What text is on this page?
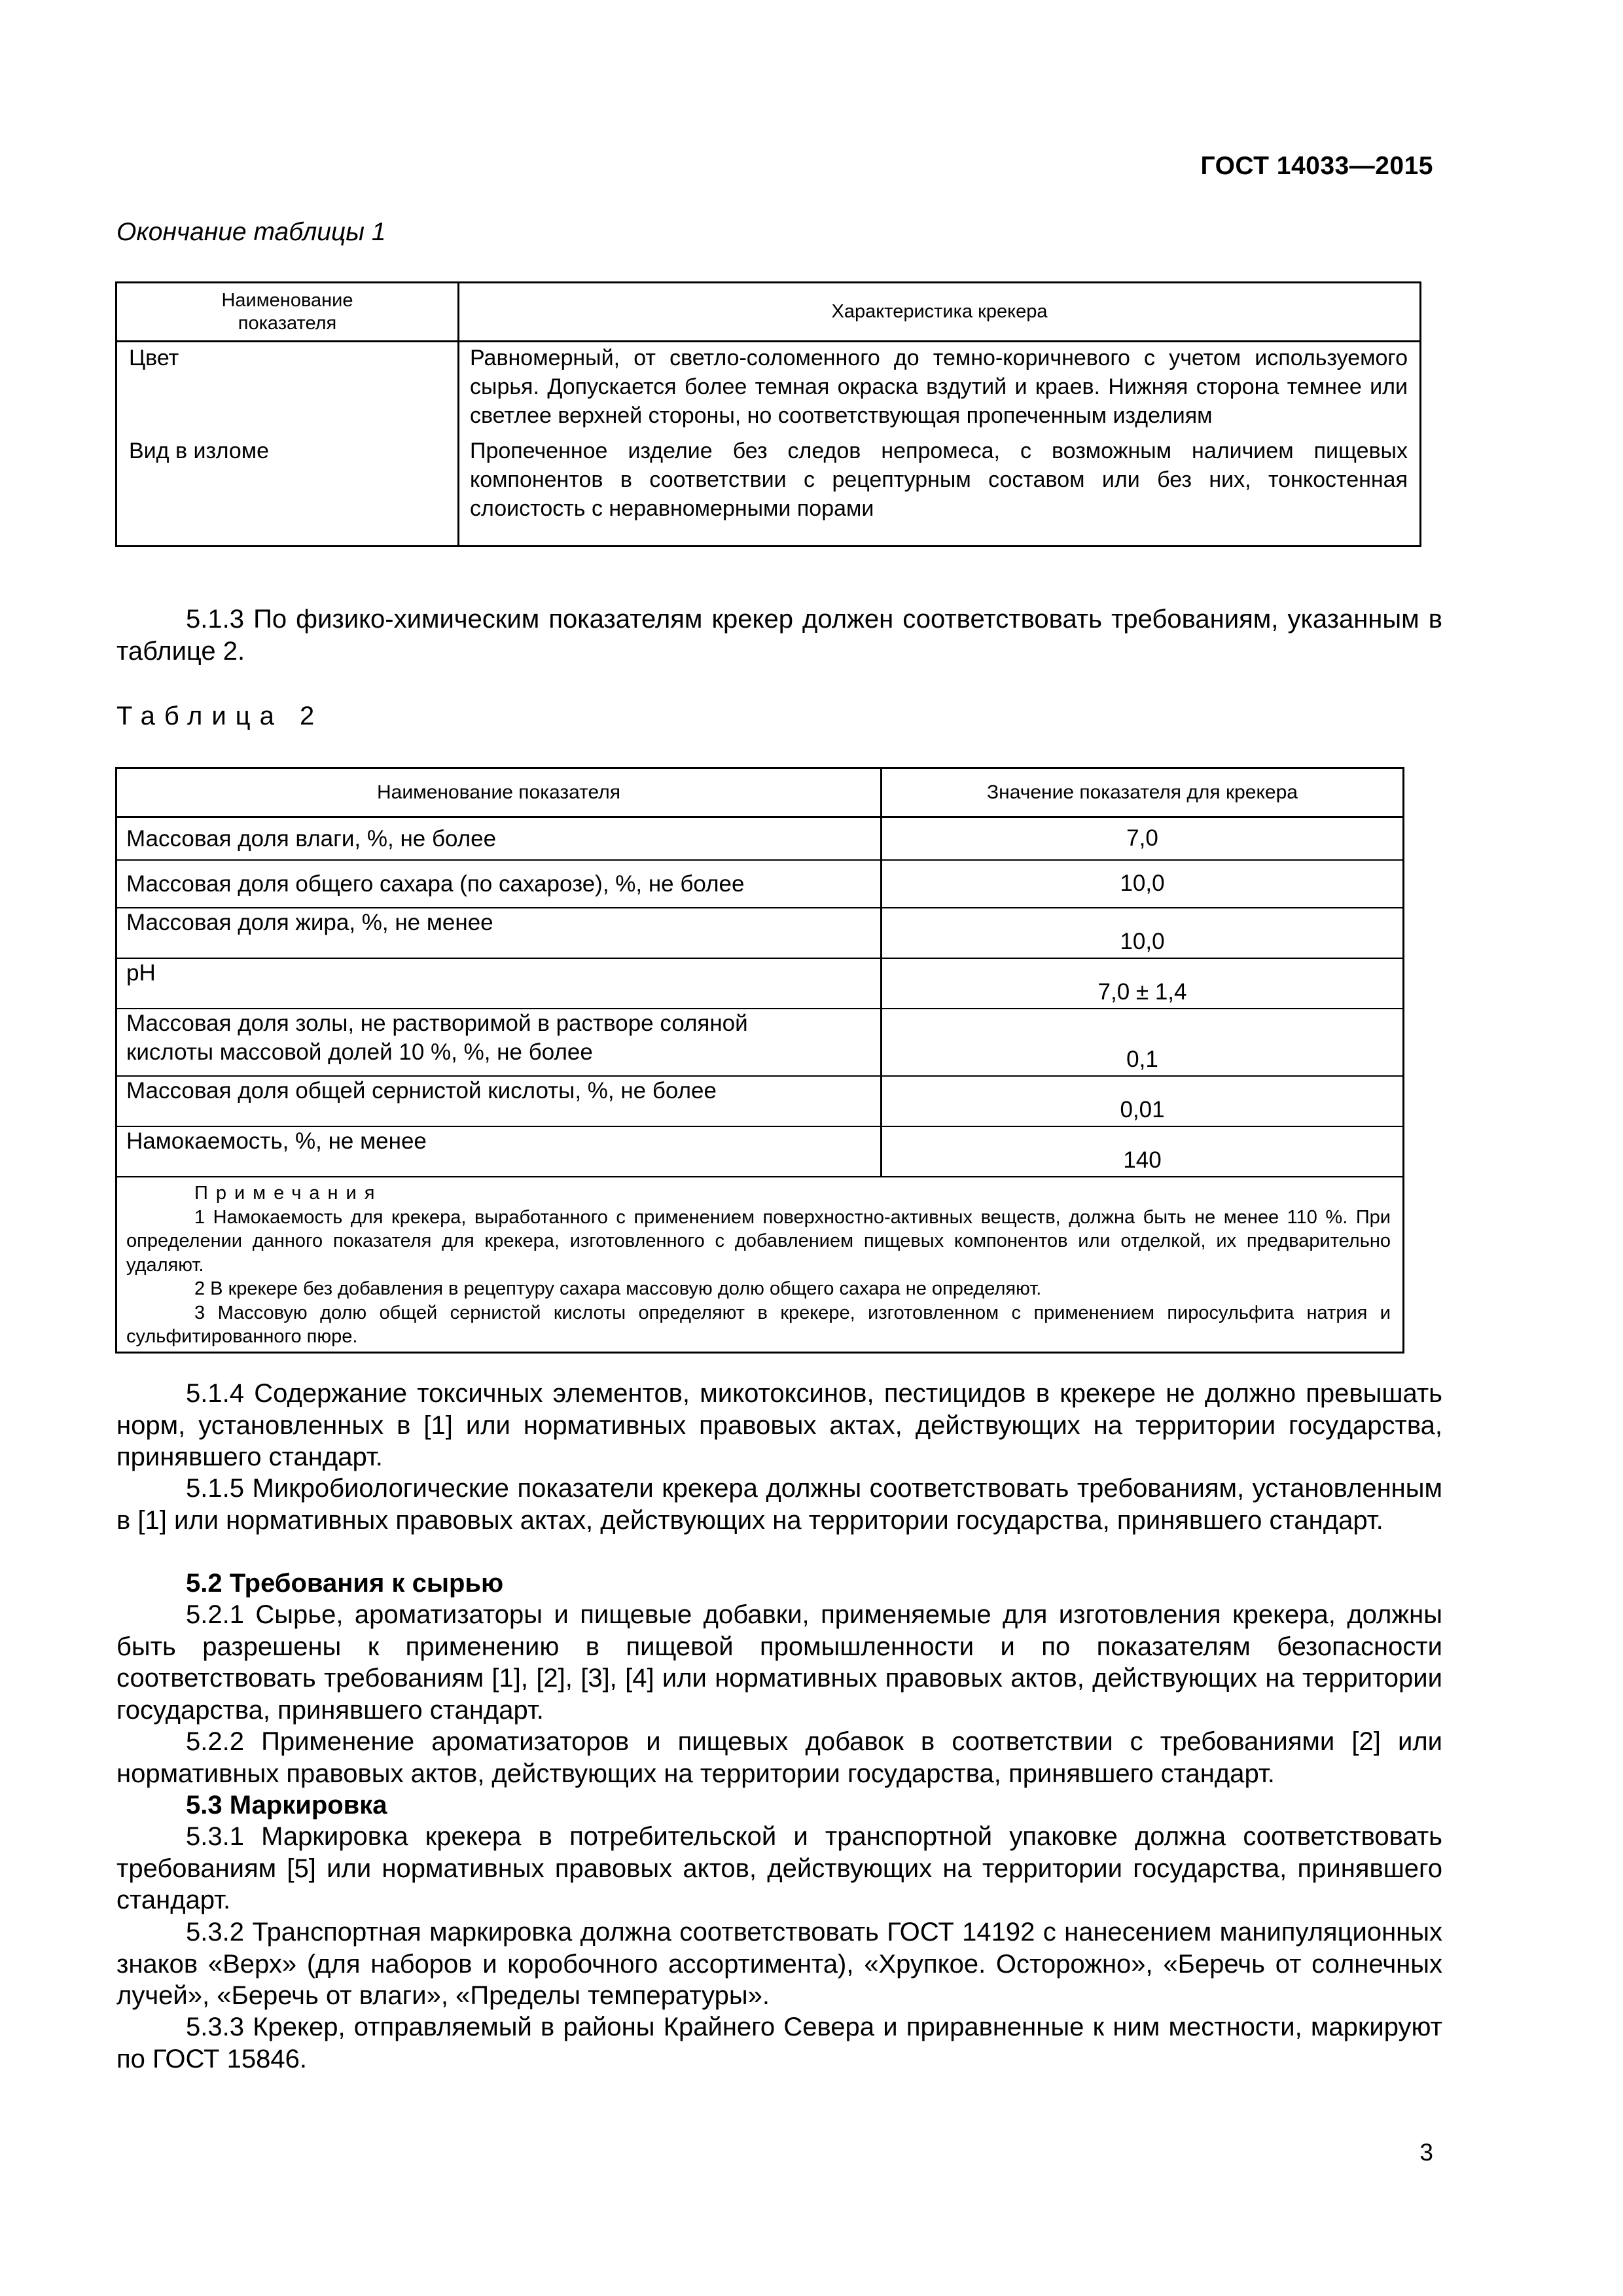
ГОСТ 14033—2015
Окончание таблицы 1
Наименование показателя	Характеристика крекера
Цвет	Равномерный, от светло-соломенного до темно-коричневого с учетом используемого сырья. Допускается более темная окраска вздутий и краев. Нижняя сторона темнее или светлее верхней стороны, но соответствующая пропеченным изделиям
Вид в изломе	Пропеченное изделие без следов непромеса, с возможным наличием пищевых компонентов в соответствии с рецептурным составом или без них, тонкостенная слоистость с неравномерными порами
5.1.3 По физико-химическим показателям крекер должен соответствовать требованиям, указанным в таблице 2.
Таблица 2
Наименование показателя	Значение показателя для крекера
Массовая доля влаги, %, не более	7,0
Массовая доля общего сахара (по сахарозе), %, не более	10,0
Массовая доля жира, %, не менее	10,0
pH	7,0 ± 1,4

Массовая доля золы, не растворимой в растворе соляной кислоты массовой долей 10 %, %, не более	0,1
Массовая доля общей сернистой кислоты, %, не более	0,01
Намокаемость, %, не менее	140

Примечания
1 Намокаемость для крекера, выработанного с применением поверхностно-активных веществ, должна быть не менее 110 %. При определении данного показателя для крекера, изготовленного с добавлением пищевых компонентов или отделкой, их предварительно удаляют.
2 В крекере без добавления в рецептуру сахара массовую долю общего сахара не определяют.
3 Массовую долю общей сернистой кислоты определяют в крекере, изготовленном с применением пиросульфита натрия и сульфитированного пюре.	
5.1.4 Содержание токсичных элементов, микотоксинов, пестицидов в крекере не должно превышать норм, установленных в [1] или нормативных правовых актах, действующих на территории государства, принявшего стандарт.
5.1.5 Микробиологические показатели крекера должны соответствовать требованиям, установленным в [1] или нормативных правовых актах, действующих на территории государства, принявшего стандарт.
5.2 Требования к сырью
5.2.1 Сырье, ароматизаторы и пищевые добавки, применяемые для изготовления крекера, должны быть разрешены к применению в пищевой промышленности и по показателям безопасности соответствовать требованиям [1], [2], [3], [4] или нормативных правовых актов, действующих на территории государства, принявшего стандарт.
5.2.2 Применение ароматизаторов и пищевых добавок в соответствии с требованиями [2] или нормативных правовых актов, действующих на территории государства, принявшего стандарт.
5.3 Маркировка
5.3.1 Маркировка крекера в потребительской и транспортной упаковке должна соответствовать требованиям [5] или нормативных правовых актов, действующих на территории государства, принявшего стандарт.
5.3.2 Транспортная маркировка должна соответствовать ГОСТ 14192 с нанесением манипуляционных знаков «Верх» (для наборов и коробочного ассортимента), «Хрупкое. Осторожно», «Беречь от солнечных лучей», «Беречь от влаги», «Пределы температуры».
5.3.3 Крекер, отправляемый в районы Крайнего Севера и приравненные к ним местности, маркируют по ГОСТ 15846.
3
